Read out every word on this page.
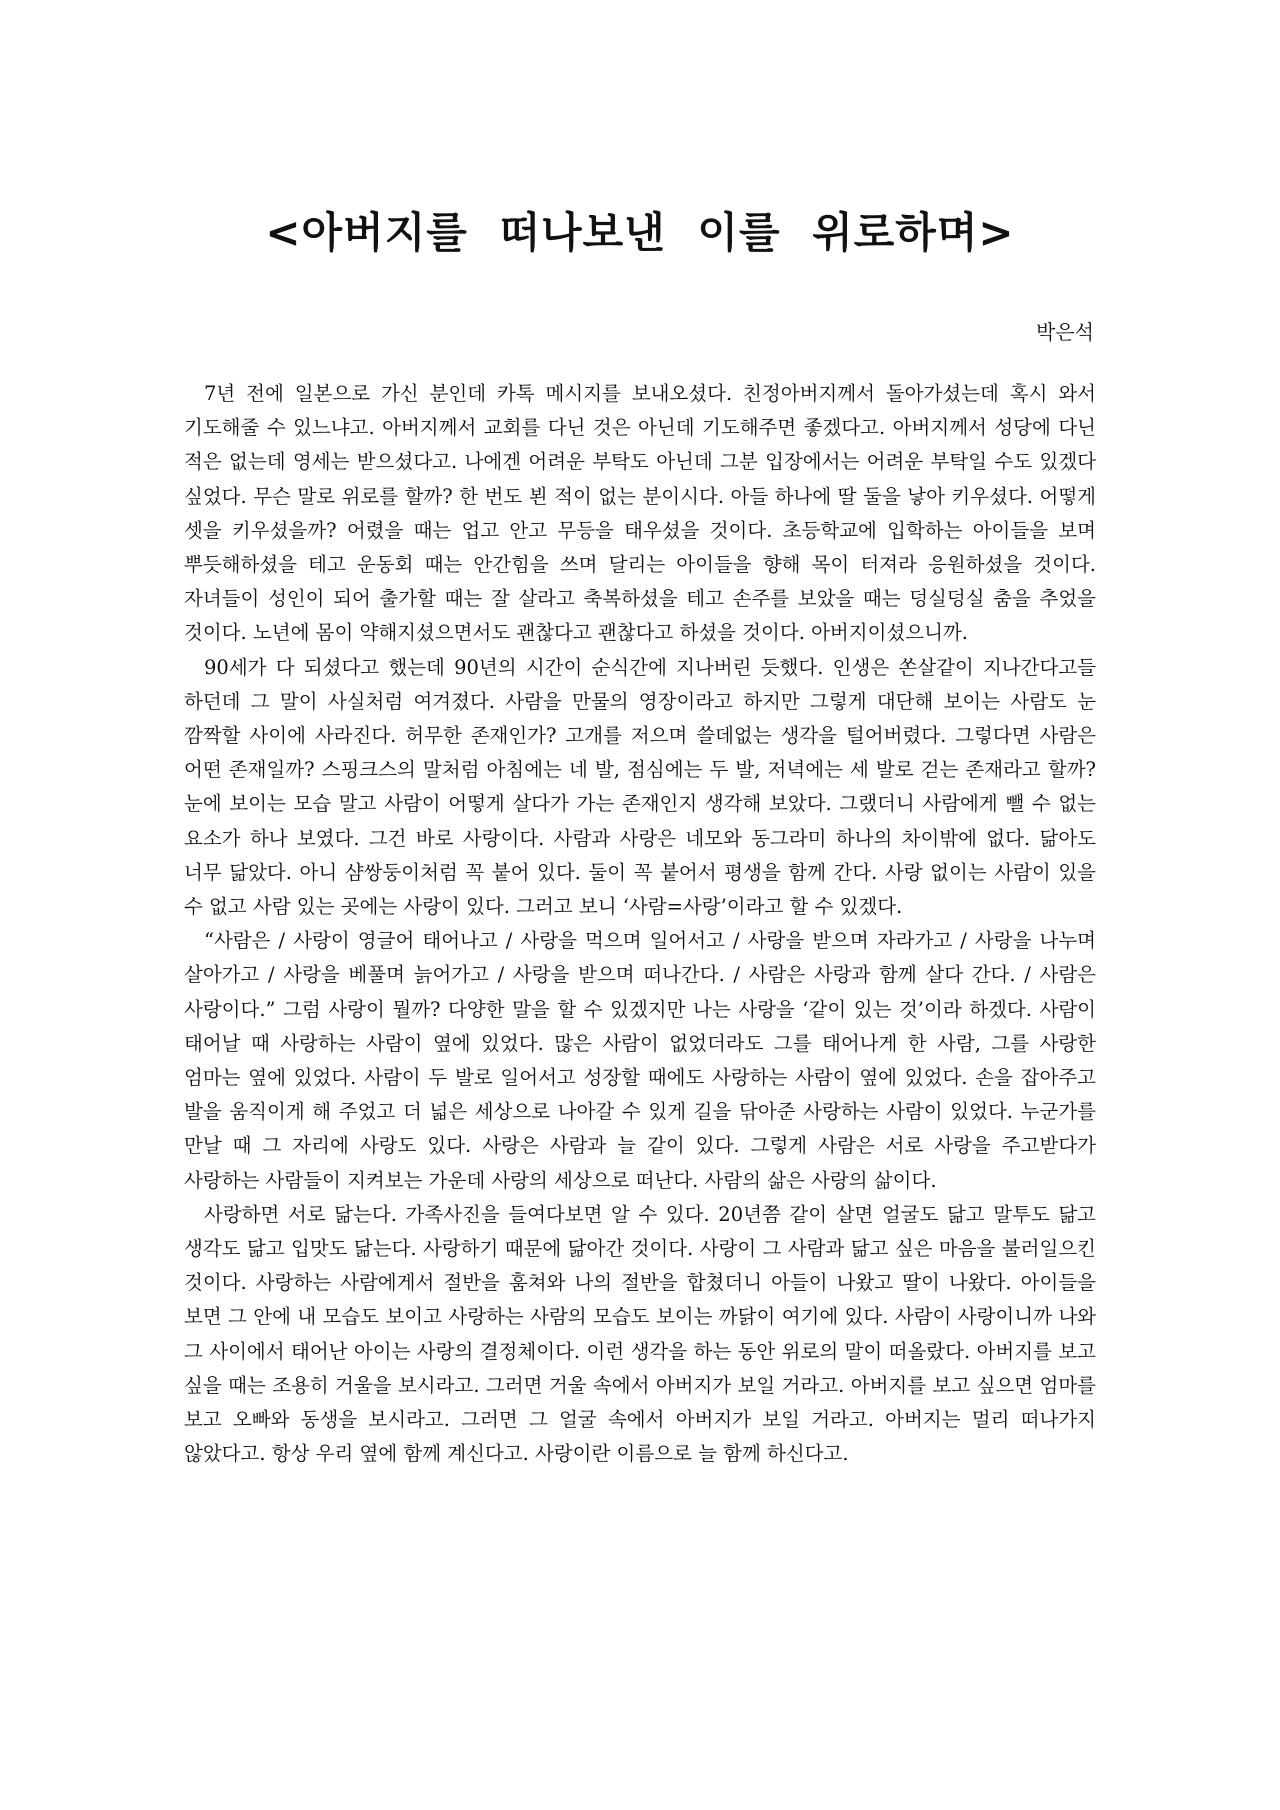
<아버지를 떠나보낸 이를 위로하며>

박은석

7년 전에 일본으로 가신 분인데 카톡 메시지를 보내오셨다. 친정아버지께서 돌아가셨는데 혹시 와서 기도해줄 수 있느냐고. 아버지께서 교회를 다닌 것은 아닌데 기도해주면 좋겠다고. 아버지께서 성당에 다닌 적은 없는데 영세는 받으셨다고. 나에겐 어려운 부탁도 아닌데 그분 입장에서는 어려운 부탁일 수도 있겠다 싶었다. 무슨 말로 위로를 할까? 한 번도 뵌 적이 없는 분이시다. 아들 하나에 딸 둘을 낳아 키우셨다. 어떻게 셋을 키우셨을까? 어렸을 때는 업고 안고 무등을 태우셨을 것이다. 초등학교에 입학하는 아이들을 보며 뿌듯해하셨을 테고 운동회 때는 안간힘을 쓰며 달리는 아이들을 향해 목이 터져라 응원하셨을 것이다. 자녀들이 성인이 되어 출가할 때는 잘 살라고 축복하셨을 테고 손주를 보았을 때는 덩실덩실 춤을 추었을 것이다. 노년에 몸이 약해지셨으면서도 괜찮다고 괜찮다고 하셨을 것이다. 아버지이셨으니까.

90세가 다 되셨다고 했는데 90년의 시간이 순식간에 지나버린 듯했다. 인생은 쏜살같이 지나간다고들 하던데 그 말이 사실처럼 여겨졌다. 사람을 만물의 영장이라고 하지만 그렇게 대단해 보이는 사람도 눈 깜짝할 사이에 사라진다. 허무한 존재인가? 고개를 저으며 쓸데없는 생각을 털어버렸다. 그렇다면 사람은 어떤 존재일까? 스핑크스의 말처럼 아침에는 네 발, 점심에는 두 발, 저녁에는 세 발로 걷는 존재라고 할까? 눈에 보이는 모습 말고 사람이 어떻게 살다가 가는 존재인지 생각해 보았다. 그랬더니 사람에게 뺄 수 없는 요소가 하나 보였다. 그건 바로 사랑이다. 사람과 사랑은 네모와 동그라미 하나의 차이밖에 없다. 닮아도 너무 닮았다. 아니 샴쌍둥이처럼 꼭 붙어 있다. 둘이 꼭 붙어서 평생을 함께 간다. 사랑 없이는 사람이 있을 수 없고 사람 있는 곳에는 사랑이 있다. 그러고 보니 ‘사람=사랑’이라고 할 수 있겠다.

“사람은 / 사랑이 영글어 태어나고 / 사랑을 먹으며 일어서고 / 사랑을 받으며 자라가고 / 사랑을 나누며 살아가고 / 사랑을 베풀며 늙어가고 / 사랑을 받으며 떠나간다. / 사람은 사랑과 함께 살다 간다. / 사람은 사랑이다.” 그럼 사랑이 뭘까? 다양한 말을 할 수 있겠지만 나는 사랑을 ‘같이 있는 것’이라 하겠다. 사람이 태어날 때 사랑하는 사람이 옆에 있었다. 많은 사람이 없었더라도 그를 태어나게 한 사람, 그를 사랑한 엄마는 옆에 있었다. 사람이 두 발로 일어서고 성장할 때에도 사랑하는 사람이 옆에 있었다. 손을 잡아주고 발을 움직이게 해 주었고 더 넓은 세상으로 나아갈 수 있게 길을 닦아준 사랑하는 사람이 있었다. 누군가를 만날 때 그 자리에 사랑도 있다. 사랑은 사람과 늘 같이 있다. 그렇게 사람은 서로 사랑을 주고받다가 사랑하는 사람들이 지켜보는 가운데 사랑의 세상으로 떠난다. 사람의 삶은 사랑의 삶이다.

사랑하면 서로 닮는다. 가족사진을 들여다보면 알 수 있다. 20년쯤 같이 살면 얼굴도 닮고 말투도 닮고 생각도 닮고 입맛도 닮는다. 사랑하기 때문에 닮아간 것이다. 사랑이 그 사람과 닮고 싶은 마음을 불러일으킨 것이다. 사랑하는 사람에게서 절반을 훔쳐와 나의 절반을 합쳤더니 아들이 나왔고 딸이 나왔다. 아이들을 보면 그 안에 내 모습도 보이고 사랑하는 사람의 모습도 보이는 까닭이 여기에 있다. 사람이 사랑이니까 나와 그 사이에서 태어난 아이는 사랑의 결정체이다. 이런 생각을 하는 동안 위로의 말이 떠올랐다. 아버지를 보고 싶을 때는 조용히 거울을 보시라고. 그러면 거울 속에서 아버지가 보일 거라고. 아버지를 보고 싶으면 엄마를 보고 오빠와 동생을 보시라고. 그러면 그 얼굴 속에서 아버지가 보일 거라고. 아버지는 멀리 떠나가지 않았다고. 항상 우리 옆에 함께 계신다고. 사랑이란 이름으로 늘 함께 하신다고.
